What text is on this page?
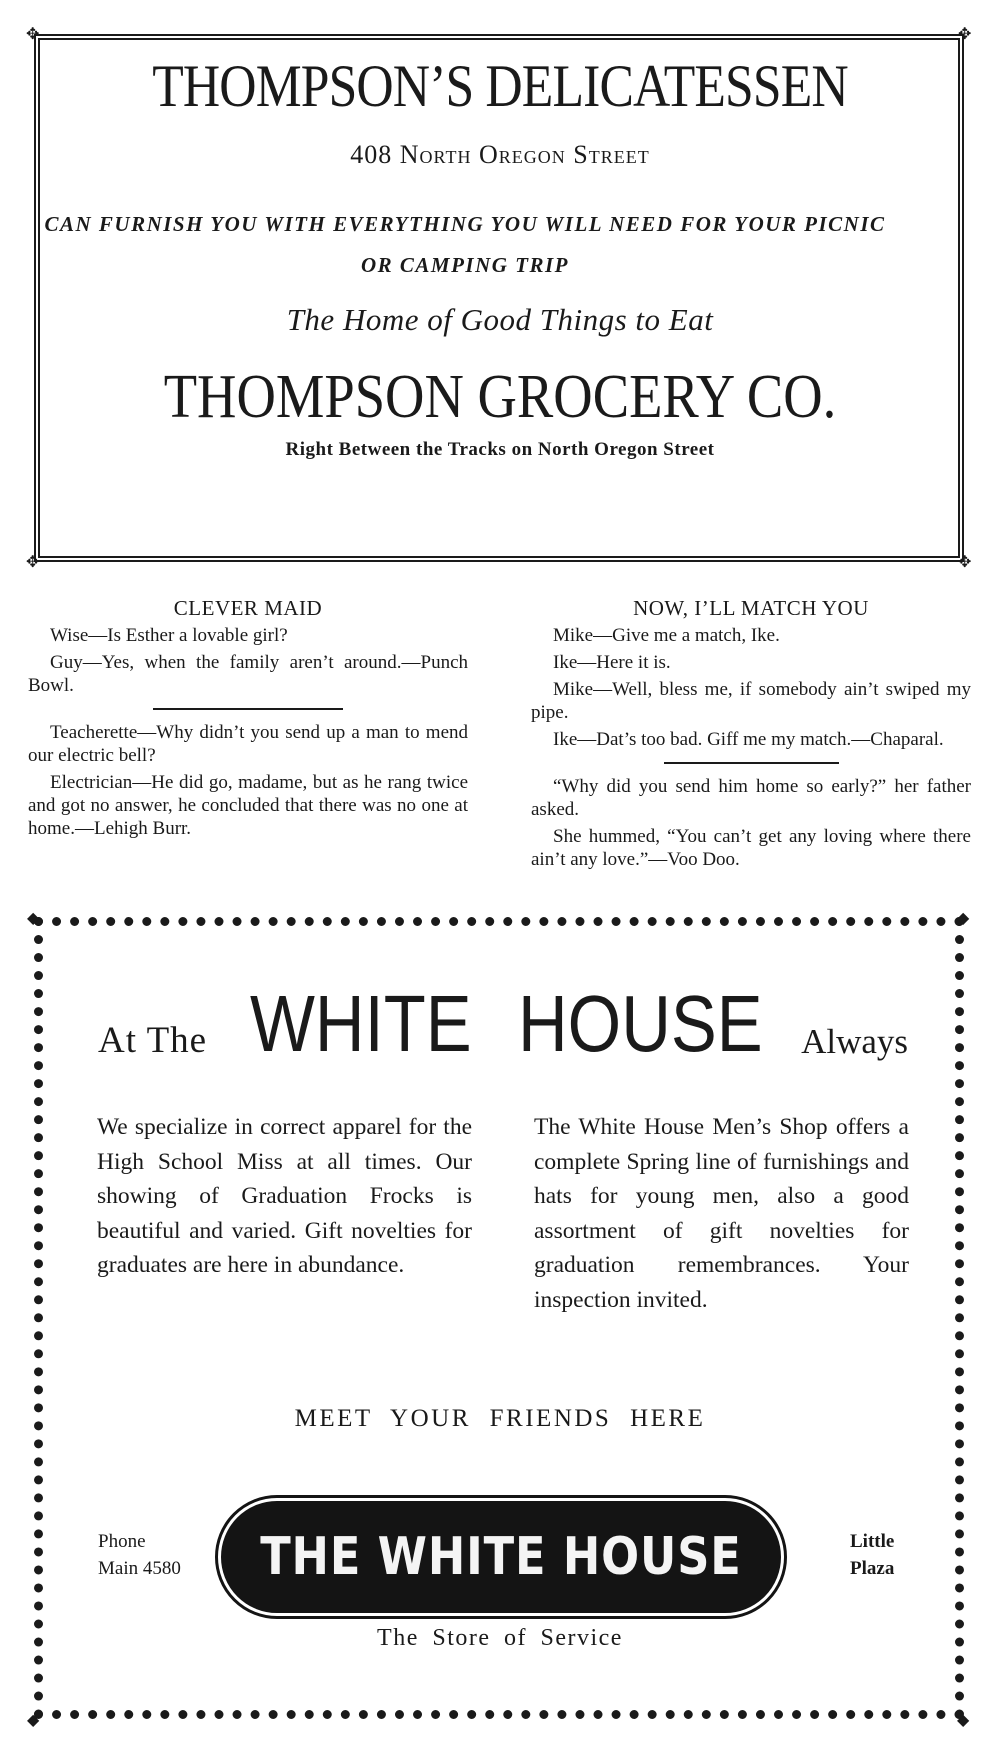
✥	✥
✥	✥
THOMPSON’S DELICATESSEN
408 North Oregon Street
CAN FURNISH YOU WITH EVERYTHING YOU WILL NEED FOR YOUR PICNIC OR CAMPING TRIP
The Home of Good Things to Eat
THOMPSON GROCERY CO.
Right Between the Tracks on North Oregon Street
CLEVER MAID

Wise—Is Esther a lovable girl?

Guy—Yes, when the family aren’t around.—Punch Bowl.

Teacherette—Why didn’t you send up a man to mend our electric bell?

Electrician—He did go, madame, but as he rang twice and got no answer, he concluded that there was no one at home.—Lehigh Burr.

NOW, I’LL MATCH YOU

Mike—Give me a match, Ike.

Ike—Here it is.

Mike—Well, bless me, if somebody ain’t swiped my pipe.

Ike—Dat’s too bad. Giff me my match.—Chaparal.

“Why did you send him home so early?” her father asked.

She hummed, “You can’t get any loving where there ain’t any love.”—Voo Doo.

◆	◆
◆	◆
At The WHITE HOUSE Always
We specialize in correct apparel for the High School Miss at all times. Our showing of Graduation Frocks is beautiful and varied. Gift novelties for graduates are here in abundance.
The White House Men’s Shop offers a complete Spring line of furnishings and hats for young men, also a good assortment of gift novelties for graduation remembrances. Your inspection invited.
MEET YOUR FRIENDS HERE
Phone
Main 4580 THE WHITE HOUSE	Little
Plaza
The Store of Service
